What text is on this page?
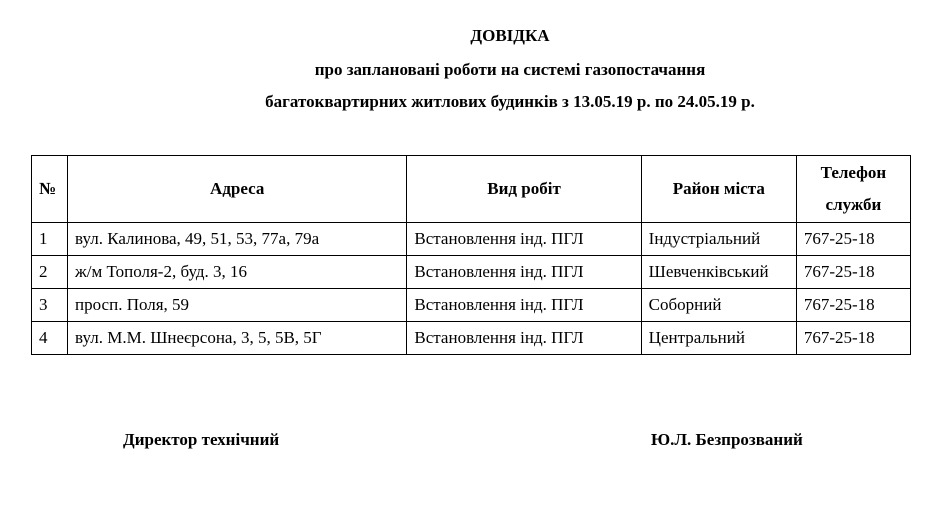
ДОВІДКА
про заплановані роботи на системі газопостачання
багатоквартирних житлових будинків з 13.05.19 р. по 24.05.19 р.
№	Адреса	Вид робіт	Район міста	Телефон служби
1	вул. Калинова, 49, 51, 53, 77а, 79а	Встановлення інд. ПГЛ	Індустріальний	767-25-18
2	ж/м Тополя-2, буд. 3, 16	Встановлення інд. ПГЛ	Шевченківський	767-25-18
3	просп. Поля, 59	Встановлення інд. ПГЛ	Соборний	767-25-18
4	вул. М.М. Шнеєрсона, 3, 5, 5В, 5Г	Встановлення інд. ПГЛ	Центральний	767-25-18
Директор технічний	Ю.Л. Безпрозваний
